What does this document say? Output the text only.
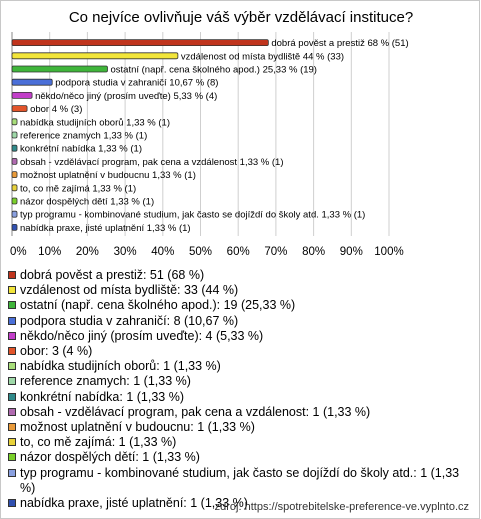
Co nejvíce ovlivňuje váš výběr vzdělávací instituce?
dobrá pověst a prestiž 68 % (51)
vzdálenost od místa bydliště 44 % (33)
ostatní (např. cena školného apod.) 25,33 % (19)
podpora studia v zahraničí 10,67 % (8)
někdo/něco jiný (prosím uveďte) 5,33 % (4)
obor 4 % (3)
nabídka studijních oborů 1,33 % (1)
reference znamych 1,33 % (1)
konkrétní nabídka 1,33 % (1)
obsah - vzdělávací program, pak cena a vzdálenost 1,33 % (1)
možnost uplatnění v budoucnu 1,33 % (1)
to, co mě zajímá 1,33 % (1)
názor dospělých dětí 1,33 % (1)
typ programu - kombinované studium, jak často se dojíždí do školy atd. 1,33 % (1)
nabídka praxe, jisté uplatnění 1,33 % (1)
0% 10% 20% 30% 40% 50% 60% 70% 80% 90% 100%
dobrá pověst a prestiž: 51 (68 %)
vzdálenost od místa bydliště: 33 (44 %)
ostatní (např. cena školného apod.): 19 (25,33 %)
podpora studia v zahraničí: 8 (10,67 %)
někdo/něco jiný (prosím uveďte): 4 (5,33 %)
obor: 3 (4 %)
nabídka studijních oborů: 1 (1,33 %)
reference znamych: 1 (1,33 %)
konkrétní nabídka: 1 (1,33 %)
obsah - vzdělávací program, pak cena a vzdálenost: 1 (1,33 %)
možnost uplatnění v budoucnu: 1 (1,33 %)
to, co mě zajímá: 1 (1,33 %)
názor dospělých dětí: 1 (1,33 %)
typ programu - kombinované studium, jak často se dojíždí do školy atd.: 1 (1,33 %)
nabídka praxe, jisté uplatnění: 1 (1,33 %)
zdroj: https://spotrebitelske-preference-ve.vyplnto.cz
